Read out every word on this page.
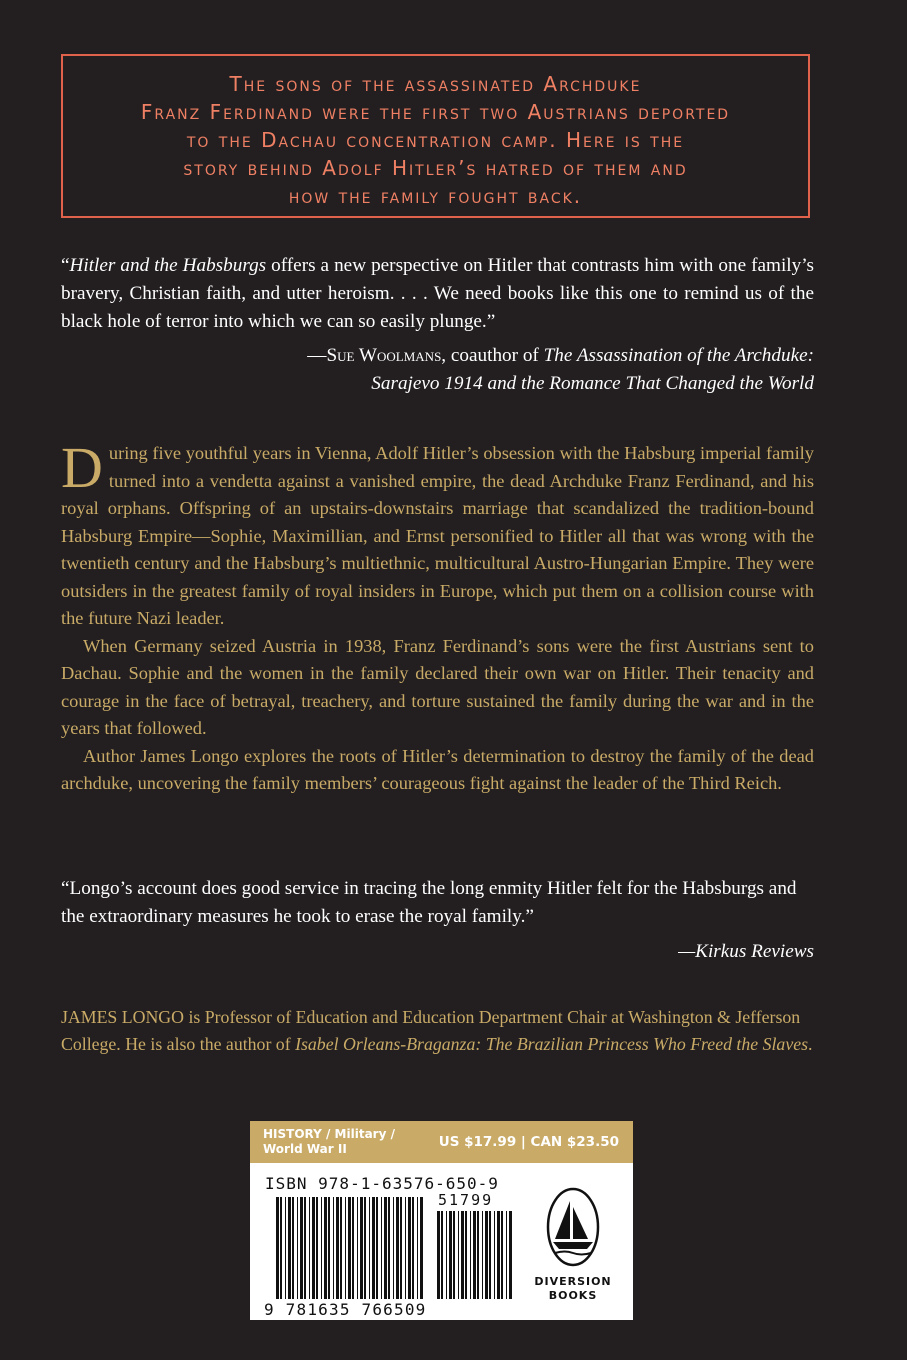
The sons of the assassinated Archduke
Franz Ferdinand were the first two Austrians deported
to the Dachau concentration camp. Here is the
story behind Adolf Hitler’s hatred of them and
how the family fought back.
“Hitler and the Habsburgs offers a new perspective on Hitler that contrasts him with one family’s bravery, Christian faith, and utter heroism. . . . We need books like this one to remind us of the black hole of terror into which we can so easily plunge.”
—Sue Woolmans, coauthor of The Assassination of the Archduke:
Sarajevo 1914 and the Romance That Changed the World

During five youthful years in Vienna, Adolf Hitler’s obsession with the Habsburg imperial family turned into a vendetta against a vanished empire, the dead Archduke Franz Ferdinand, and his royal orphans. Offspring of an upstairs-downstairs marriage that scandalized the tradition-bound Habsburg Empire—Sophie, Maximillian, and Ernst personified to Hitler all that was wrong with the twentieth century and the Habsburg’s multiethnic, multicultural Austro-Hungarian Empire. They were outsiders in the greatest family of royal insiders in Europe, which put them on a collision course with the future Nazi leader.

When Germany seized Austria in 1938, Franz Ferdinand’s sons were the first Austrians sent to Dachau. Sophie and the women in the family declared their own war on Hitler. Their tenacity and courage in the face of betrayal, treachery, and torture sustained the family during the war and in the years that followed.

Author James Longo explores the roots of Hitler’s determination to destroy the family of the dead archduke, uncovering the family members’ courageous fight against the leader of the Third Reich.

“Longo’s account does good service in tracing the long enmity Hitler felt for the Habsburgs and the extraordinary measures he took to erase the royal family.”
—Kirkus Reviews
JAMES LONGO is Professor of Education and Education Department Chair at Washington & Jefferson College. He is also the author of Isabel Orleans-Braganza: The Brazilian Princess Who Freed the Slaves.
HISTORY / Military / World War II	US $17.99 | CAN $23.50
ISBN 978-1-63576-650-9
51799
9 781635 766509
DIVERSION
BOOKS
